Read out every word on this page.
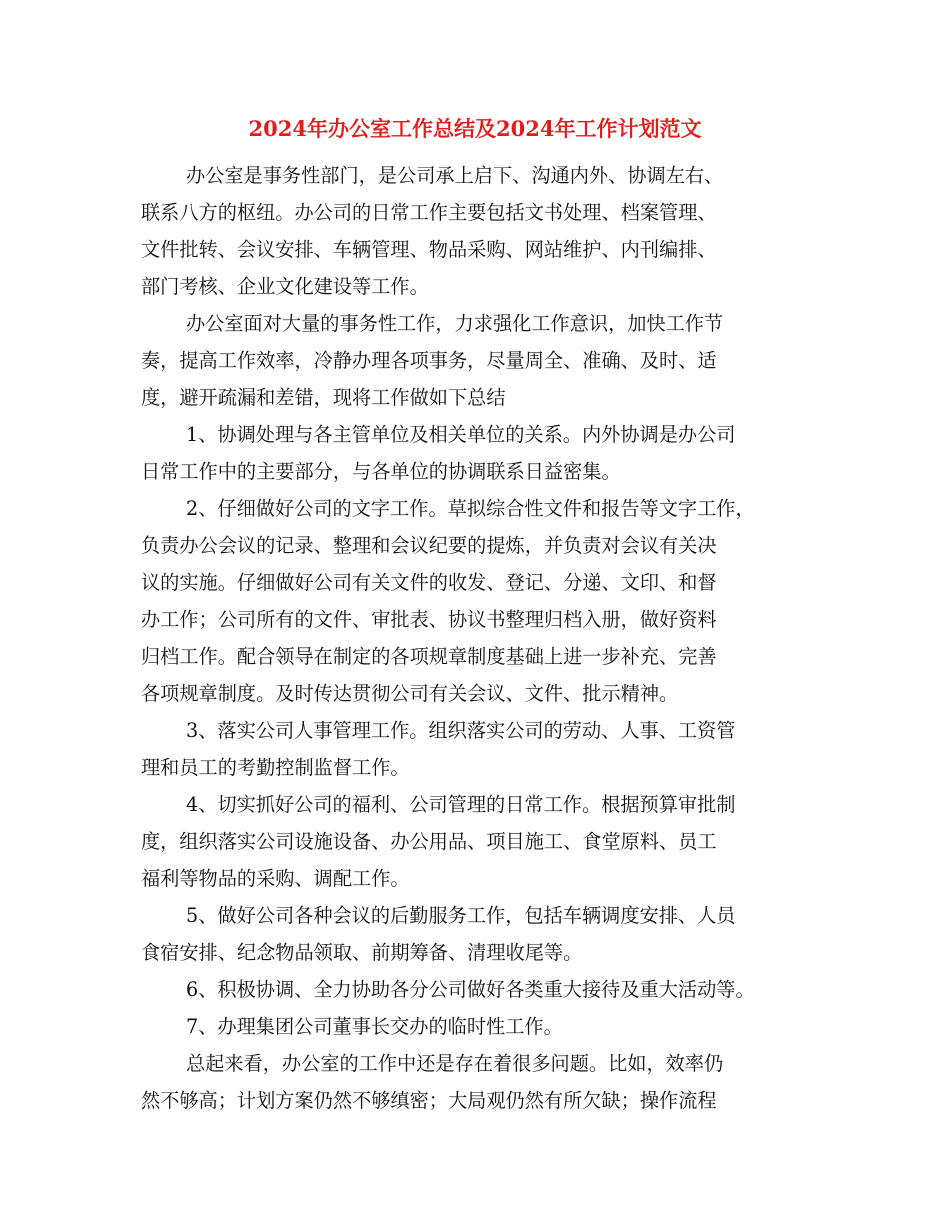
2024年办公室工作总结及2024年工作计划范文
办公室是事务性部门，是公司承上启下、沟通内外、协调左右、
联系八方的枢纽。办公司的日常工作主要包括文书处理、档案管理、
文件批转、会议安排、车辆管理、物品采购、网站维护、内刊编排、
部门考核、企业文化建设等工作。
办公室面对大量的事务性工作，力求强化工作意识，加快工作节
奏，提高工作效率，冷静办理各项事务，尽量周全、准确、及时、适
度，避开疏漏和差错，现将工作做如下总结
1、协调处理与各主管单位及相关单位的关系。内外协调是办公司
日常工作中的主要部分，与各单位的协调联系日益密集。
2、仔细做好公司的文字工作。草拟综合性文件和报告等文字工作，
负责办公会议的记录、整理和会议纪要的提炼，并负责对会议有关决
议的实施。仔细做好公司有关文件的收发、登记、分递、文印、和督
办工作；公司所有的文件、审批表、协议书整理归档入册，做好资料
归档工作。配合领导在制定的各项规章制度基础上进一步补充、完善
各项规章制度。及时传达贯彻公司有关会议、文件、批示精神。
3、落实公司人事管理工作。组织落实公司的劳动、人事、工资管
理和员工的考勤控制监督工作。
4、切实抓好公司的福利、公司管理的日常工作。根据预算审批制
度，组织落实公司设施设备、办公用品、项目施工、食堂原料、员工
福利等物品的采购、调配工作。
5、做好公司各种会议的后勤服务工作，包括车辆调度安排、人员
食宿安排、纪念物品领取、前期筹备、清理收尾等。
6、积极协调、全力协助各分公司做好各类重大接待及重大活动等。
7、办理集团公司董事长交办的临时性工作。
总起来看，办公室的工作中还是存在着很多问题。比如，效率仍
然不够高；计划方案仍然不够缜密；大局观仍然有所欠缺；操作流程
